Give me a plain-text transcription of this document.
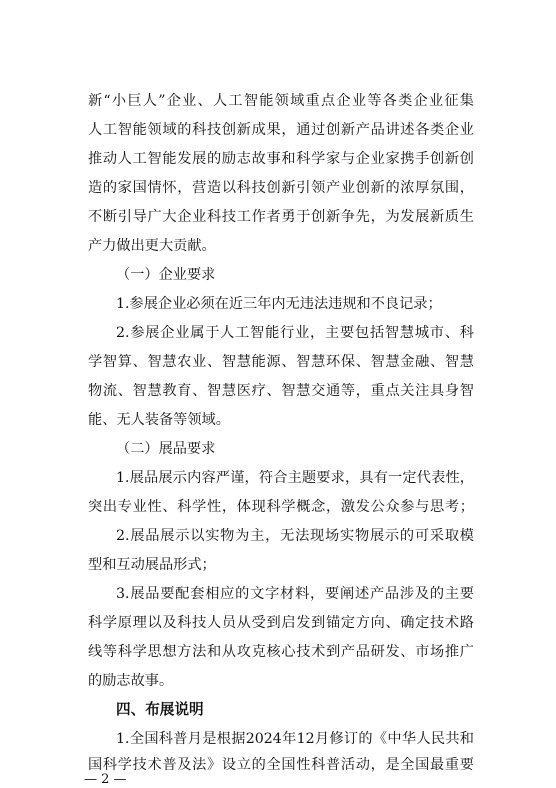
新“小巨人”企业、人工智能领域重点企业等各类企业征集
人工智能领域的科技创新成果，通过创新产品讲述各类企业
推动人工智能发展的励志故事和科学家与企业家携手创新创
造的家国情怀，营造以科技创新引领产业创新的浓厚氛围，
不断引导广大企业科技工作者勇于创新争先，为发展新质生
产力做出更大贡献。
（一）企业要求
1.参展企业必须在近三年内无违法违规和不良记录；
2.参展企业属于人工智能行业，主要包括智慧城市、科
学智算、智慧农业、智慧能源、智慧环保、智慧金融、智慧
物流、智慧教育、智慧医疗、智慧交通等，重点关注具身智
能、无人装备等领域。
（二）展品要求
1.展品展示内容严谨，符合主题要求，具有一定代表性，
突出专业性、科学性，体现科学概念，激发公众参与思考；
2.展品展示以实物为主，无法现场实物展示的可采取模
型和互动展品形式；
3.展品要配套相应的文字材料，要阐述产品涉及的主要
科学原理以及科技人员从受到启发到锚定方向、确定技术路
线等科学思想方法和从攻克核心技术到产品研发、市场推广
的励志故事。
四、布展说明
1.全国科普月是根据2024年12月修订的《中华人民共和
国科学技术普及法》设立的全国性科普活动，是全国最重要
— 2 —
